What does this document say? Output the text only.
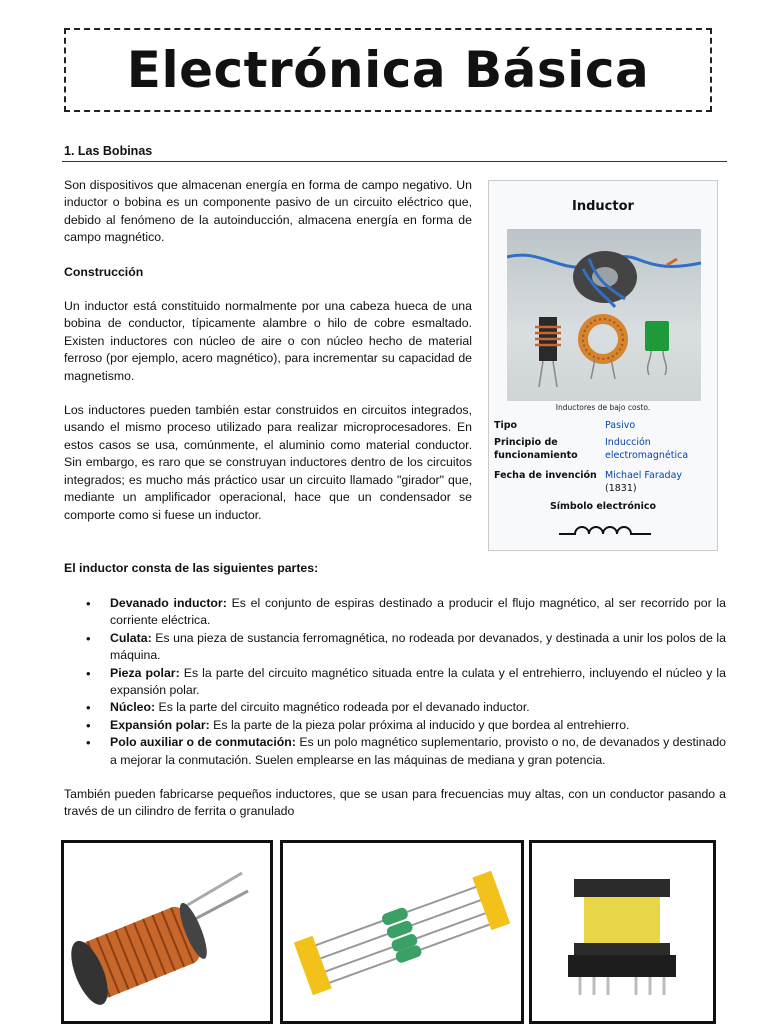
Electrónica Básica
1. Las Bobinas

Son dispositivos que almacenan energía en forma de campo negativo. Un inductor o bobina es un componente pasivo de un circuito eléctrico que, debido al fenómeno de la autoinducción, almacena energía en forma de campo magnético.

Construcción

Un inductor está constituido normalmente por una cabeza hueca de una bobina de conductor, típicamente alambre o hilo de cobre esmaltado. Existen inductores con núcleo de aire o con núcleo hecho de material ferroso (por ejemplo, acero magnético), para incrementar su capacidad de magnetismo.

Los inductores pueden también estar construidos en circuitos integrados, usando el mismo proceso utilizado para realizar microprocesadores. En estos casos se usa, comúnmente, el aluminio como material conductor. Sin embargo, es raro que se construyan inductores dentro de los circuitos integrados; es mucho más práctico usar un circuito llamado "girador" que, mediante un amplificador operacional, hace que un condensador se comporte como si fuese un inductor.

Inductor
Inductores de bajo costo.
Tipo	Pasivo
Principio de funcionamiento
Inducción electromagnética
Fecha de invención Michael Faraday
(1831)
Símbolo electrónico
El inductor consta de las siguientes partes:
• Devanado inductor: Es el conjunto de espiras destinado a producir el flujo magnético, al ser recorrido por la corriente eléctrica.
• Culata: Es una pieza de sustancia ferromagnética, no rodeada por devanados, y destinada a unir los polos de la máquina.
• Pieza polar: Es la parte del circuito magnético situada entre la culata y el entrehierro, incluyendo el núcleo y la expansión polar.
• Núcleo: Es la parte del circuito magnético rodeada por el devanado inductor.
• Expansión polar: Es la parte de la pieza polar próxima al inducido y que bordea al entrehierro.
• Polo auxiliar o de conmutación: Es un polo magnético suplementario, provisto o no, de devanados y destinado a mejorar la conmutación. Suelen emplearse en las máquinas de mediana y gran potencia.

También pueden fabricarse pequeños inductores, que se usan para frecuencias muy altas, con un conductor pasando a través de un cilindro de ferrita o granulado
